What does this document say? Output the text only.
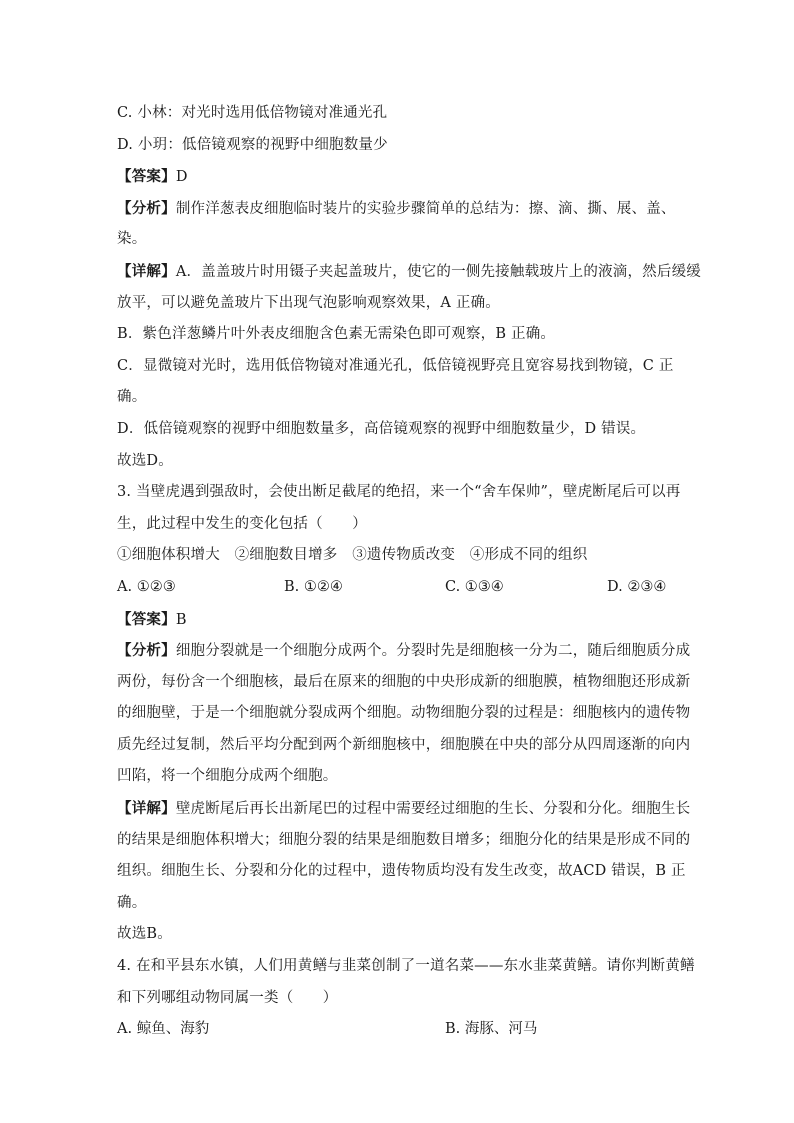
C. 小林：对光时选用低倍物镜对准通光孔
D. 小玥：低倍镜观察的视野中细胞数量少
【答案】D
【分析】制作洋葱表皮细胞临时装片的实验步骤简单的总结为：擦、滴、撕、展、盖、
染。
【详解】A．盖盖玻片时用镊子夹起盖玻片，使它的一侧先接触载玻片上的液滴，然后缓缓
放平，可以避免盖玻片下出现气泡影响观察效果，A 正确。
B．紫色洋葱鳞片叶外表皮细胞含色素无需染色即可观察，B 正确。
C．显微镜对光时，选用低倍物镜对准通光孔，低倍镜视野亮且宽容易找到物镜，C 正
确。
D．低倍镜观察的视野中细胞数量多，高倍镜观察的视野中细胞数量少，D 错误。
故选D。
3. 当壁虎遇到强敌时，会使出断足截尾的绝招，来一个“舍车保帅”，壁虎断尾后可以再
生，此过程中发生的变化包括（　　）
①细胞体积增大　②细胞数目增多　③遗传物质改变　④形成不同的组织
A. ①②③	B. ①②④	C. ①③④	D. ②③④
【答案】B
【分析】细胞分裂就是一个细胞分成两个。分裂时先是细胞核一分为二，随后细胞质分成
两份，每份含一个细胞核，最后在原来的细胞的中央形成新的细胞膜，植物细胞还形成新
的细胞壁，于是一个细胞就分裂成两个细胞。动物细胞分裂的过程是：细胞核内的遗传物
质先经过复制，然后平均分配到两个新细胞核中，细胞膜在中央的部分从四周逐渐的向内
凹陷，将一个细胞分成两个细胞。
【详解】壁虎断尾后再长出新尾巴的过程中需要经过细胞的生长、分裂和分化。细胞生长
的结果是细胞体积增大；细胞分裂的结果是细胞数目增多；细胞分化的结果是形成不同的
组织。细胞生长、分裂和分化的过程中，遗传物质均没有发生改变，故ACD 错误，B 正
确。
故选B。
4. 在和平县东水镇，人们用黄鳝与韭菜创制了一道名菜——东水韭菜黄鳝。请你判断黄鳝
和下列哪组动物同属一类（　　）
A. 鲸鱼、海豹	B. 海豚、河马
